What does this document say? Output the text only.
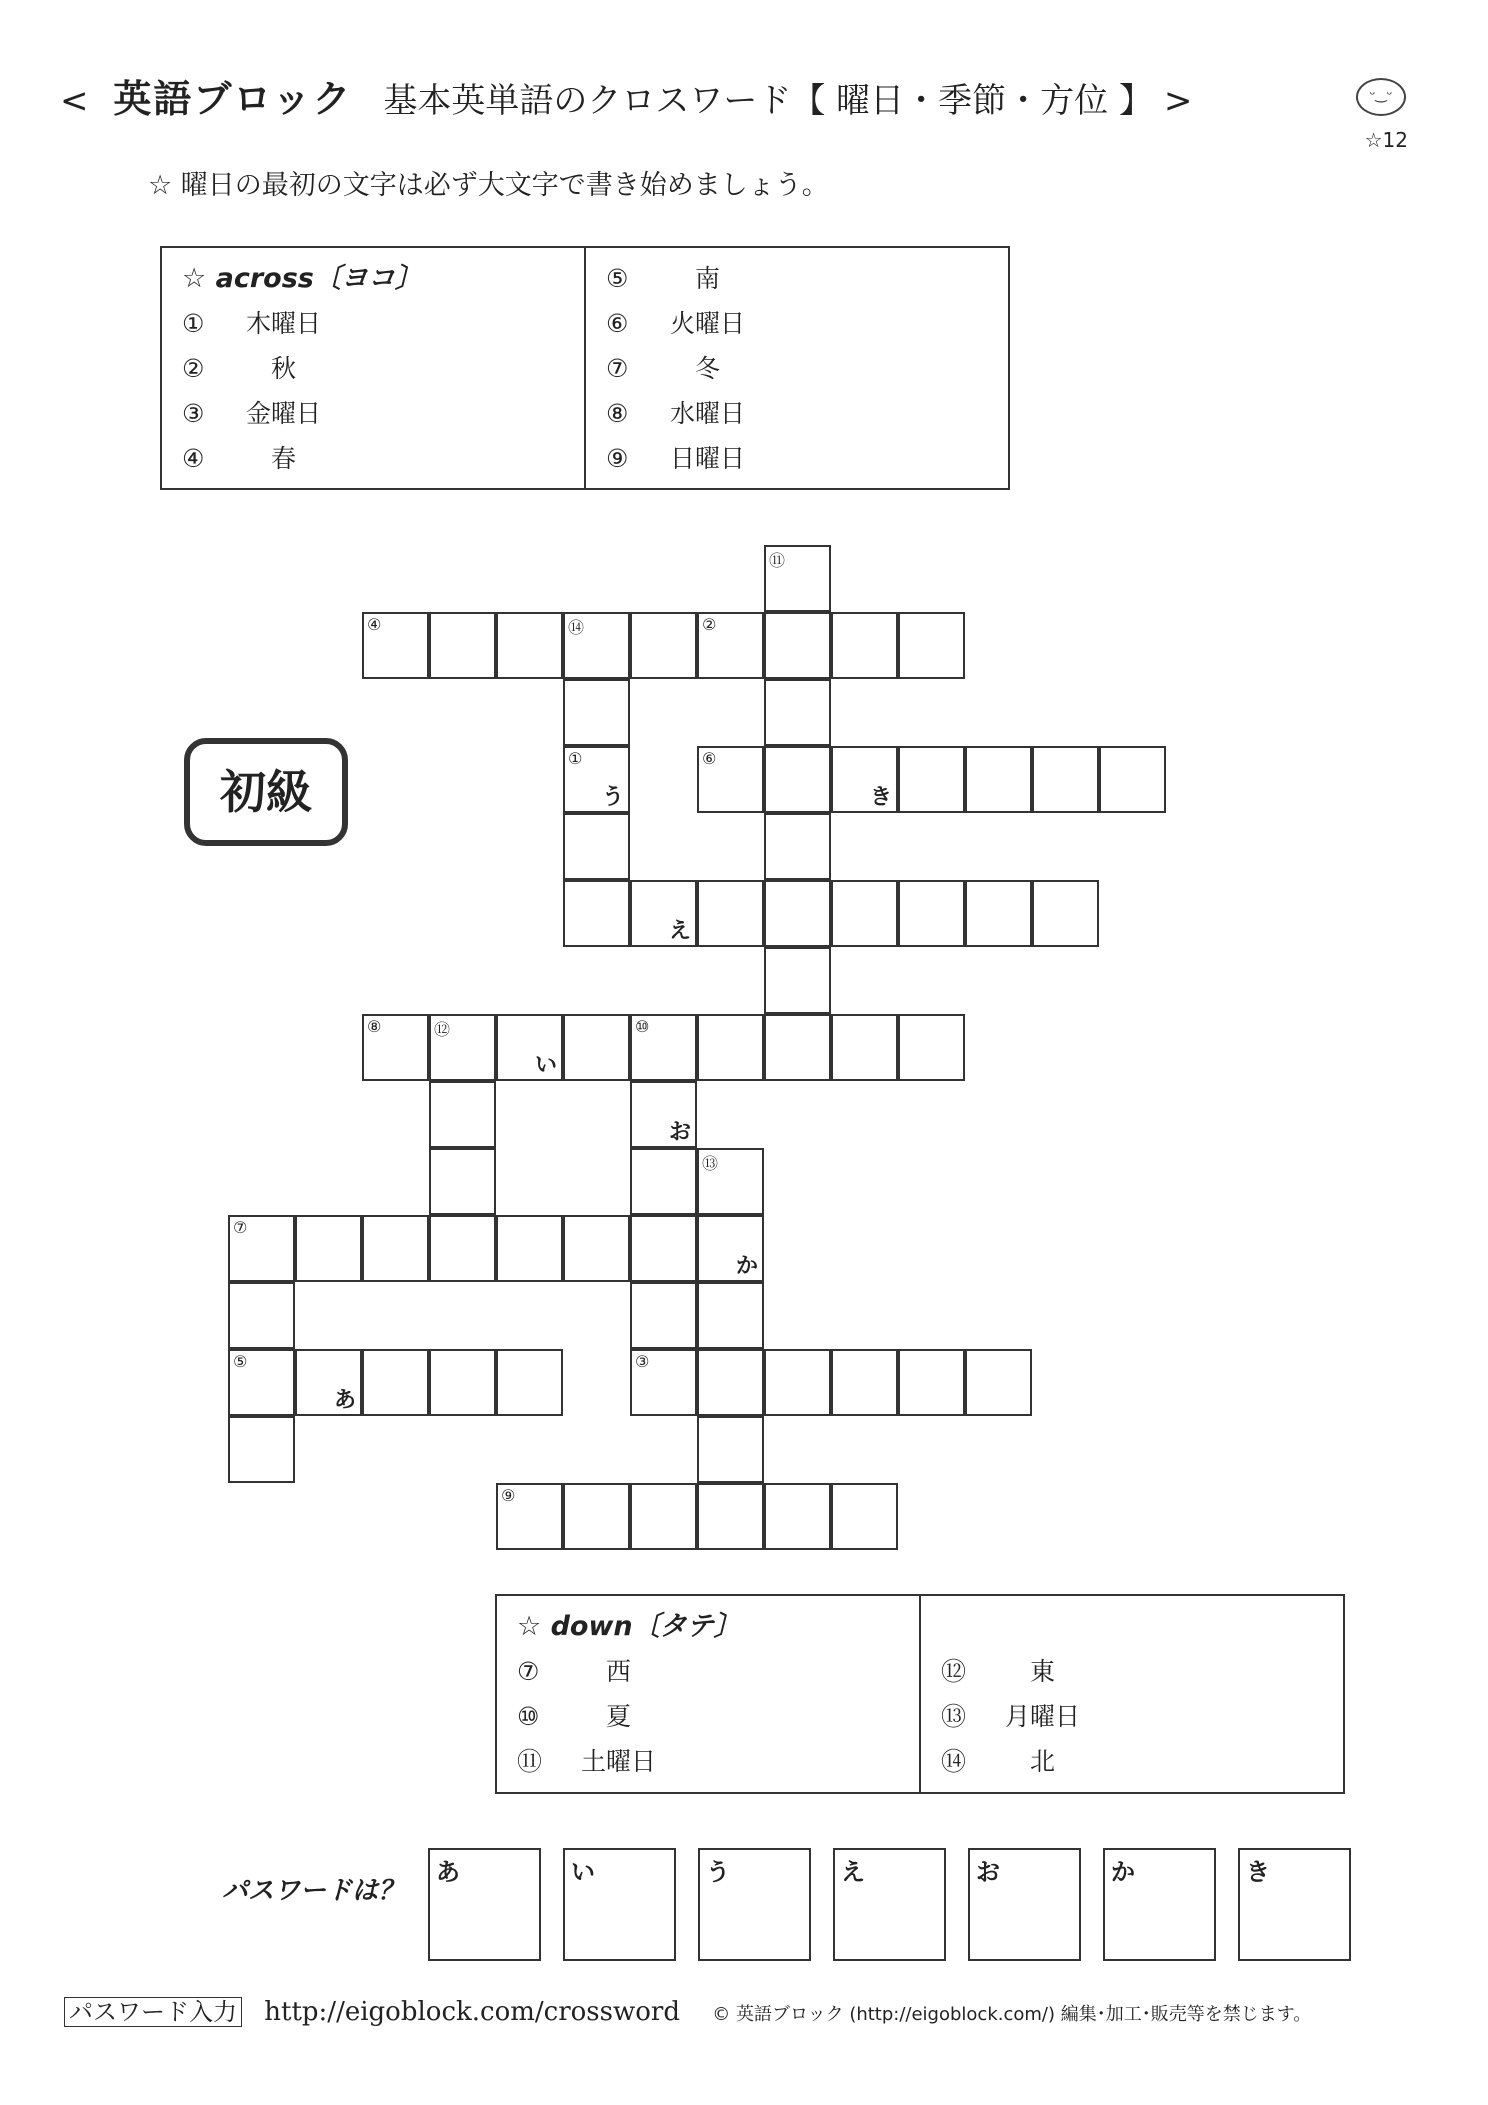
< 英語ブロック 基本英単語のクロスワード【 曜日・季節・方位 】 >	ᵕ‿ᵕ
☆12
☆ 曜日の最初の文字は必ず大文字で書き始めましょう。
☆ across〔ヨコ〕
① 木曜日
②　秋
③ 金曜日
④　春
⑤　南
⑥ 火曜日
⑦　冬
⑧ 水曜日
⑨ 日曜日
初級
④	⑭	②
⑥
き
え
⑧	⑫
い
⑩
⑦
⑤
あ
③
⑨
⑪
お
⑬
か
①
う
☆ down〔タテ〕
⑦　西
⑩　夏
⑪ 土曜日
⑫　東
⑬ 月曜日
⑭　北
パスワードは？
あ	い	う	え	お	か	き
パスワード入力 http://eigoblock.com/crossword © 英語ブロック (http://eigoblock.com/) 編集･加工･販売等を禁じます。
